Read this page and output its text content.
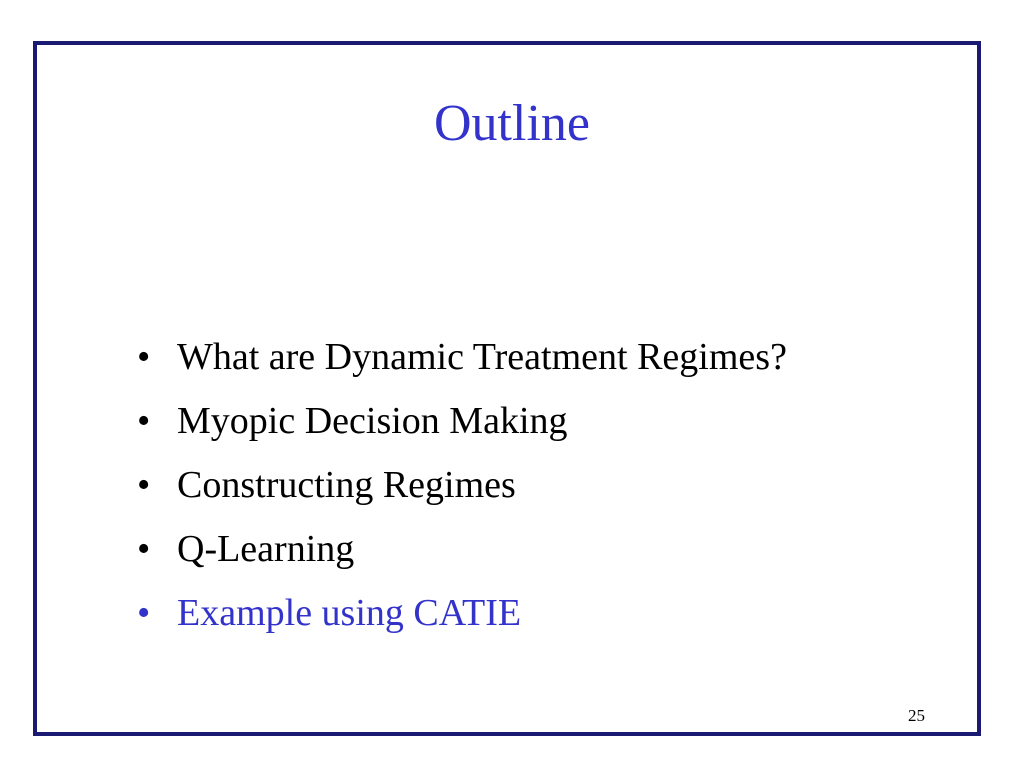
Outline
• What are Dynamic Treatment Regimes?
• Myopic Decision Making
• Constructing Regimes
• Q-Learning
• Example using CATIE
25
